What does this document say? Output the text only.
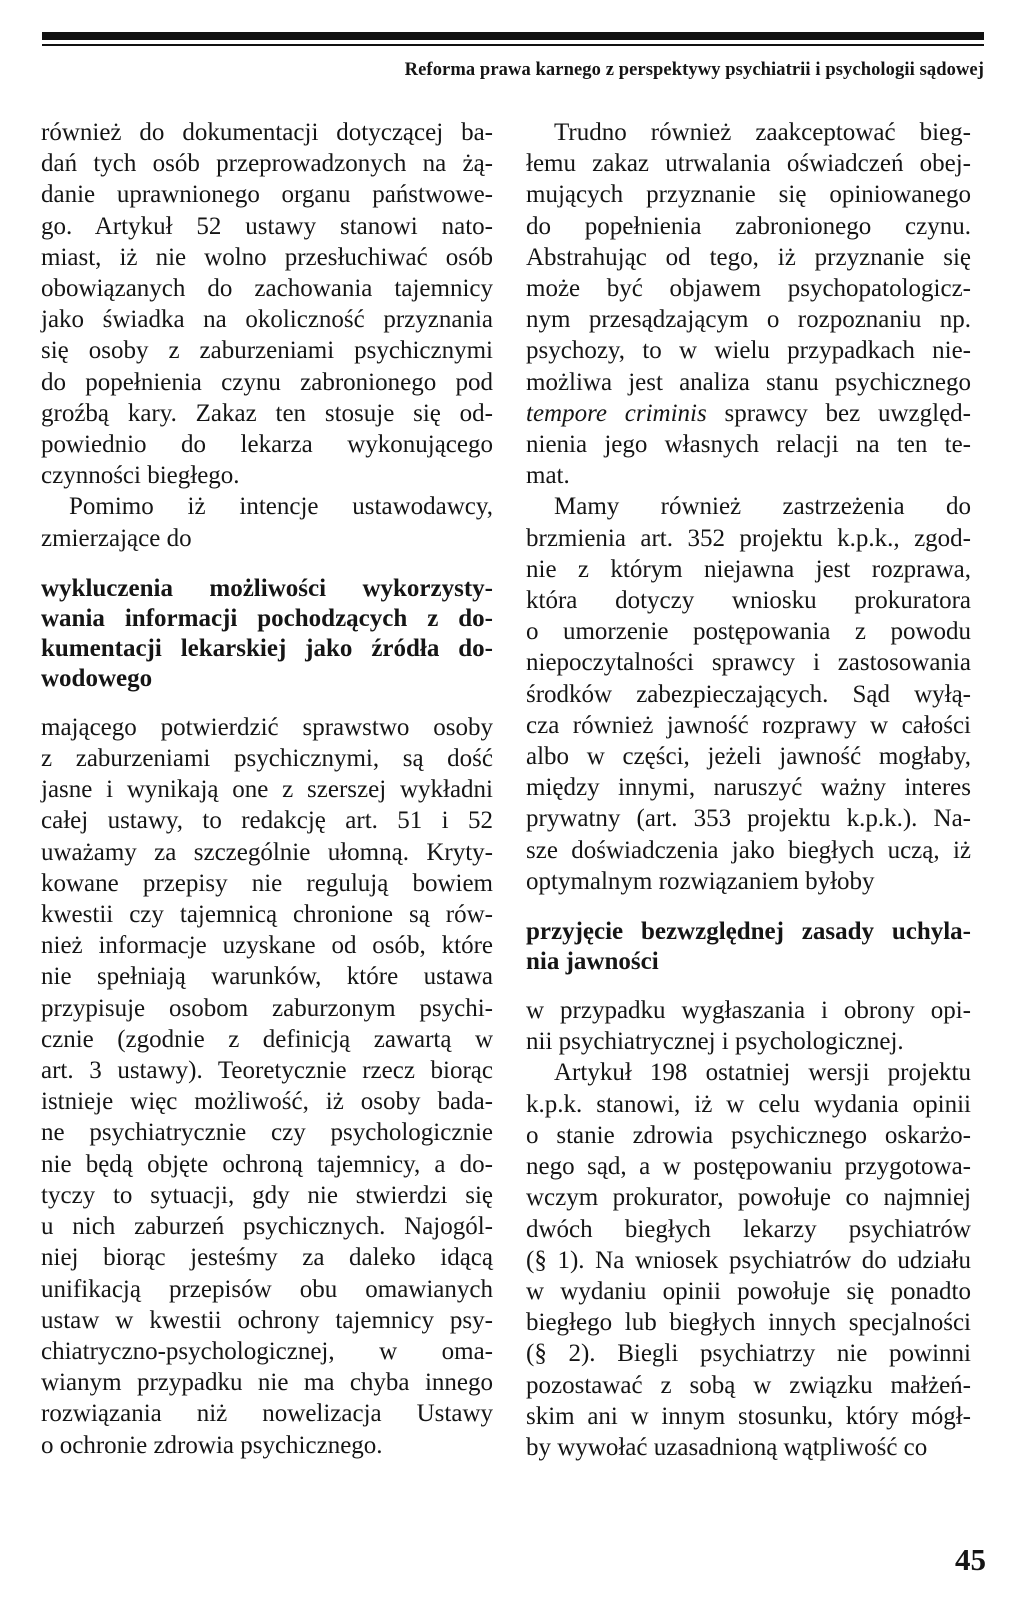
Reforma prawa karnego z perspektywy psychiatrii i psychologii sądowej
również do dokumentacji dotyczącej ba-
dań tych osób przeprowadzonych na żą-
danie uprawnionego organu państwowe-
go. Artykuł 52 ustawy stanowi nato-
miast, iż nie wolno przesłuchiwać osób
obowiązanych do zachowania tajemnicy
jako świadka na okoliczność przyznania
się osoby z zaburzeniami psychicznymi
do popełnienia czynu zabronionego pod
groźbą kary. Zakaz ten stosuje się od-
powiednio do lekarza wykonującego
czynności biegłego.
Pomimo iż intencje ustawodawcy,
zmierzające do
wykluczenia możliwości wykorzysty-
wania informacji pochodzących z do-
kumentacji lekarskiej jako źródła do-
wodowego
mającego potwierdzić sprawstwo osoby
z zaburzeniami psychicznymi, są dość
jasne i wynikają one z szerszej wykładni
całej ustawy, to redakcję art. 51 i 52
uważamy za szczególnie ułomną. Kryty-
kowane przepisy nie regulują bowiem
kwestii czy tajemnicą chronione są rów-
nież informacje uzyskane od osób, które
nie spełniają warunków, które ustawa
przypisuje osobom zaburzonym psychi-
cznie (zgodnie z definicją zawartą w
art. 3 ustawy). Teoretycznie rzecz biorąc
istnieje więc możliwość, iż osoby bada-
ne psychiatrycznie czy psychologicznie
nie będą objęte ochroną tajemnicy, a do-
tyczy to sytuacji, gdy nie stwierdzi się
u nich zaburzeń psychicznych. Najogól-
niej biorąc jesteśmy za daleko idącą
unifikacją przepisów obu omawianych
ustaw w kwestii ochrony tajemnicy psy-
chiatryczno-psychologicznej, w oma-
wianym przypadku nie ma chyba innego
rozwiązania niż nowelizacja Ustawy
o ochronie zdrowia psychicznego.
Trudno również zaakceptować bieg-
łemu zakaz utrwalania oświadczeń obej-
mujących przyznanie się opiniowanego
do popełnienia zabronionego czynu.
Abstrahując od tego, iż przyznanie się
może być objawem psychopatologicz-
nym przesądzającym o rozpoznaniu np.
psychozy, to w wielu przypadkach nie-
możliwa jest analiza stanu psychicznego
tempore criminis sprawcy bez uwzględ-
nienia jego własnych relacji na ten te-
mat.
Mamy również zastrzeżenia do
brzmienia art. 352 projektu k.p.k., zgod-
nie z którym niejawna jest rozprawa,
która dotyczy wniosku prokuratora
o umorzenie postępowania z powodu
niepoczytalności sprawcy i zastosowania
środków zabezpieczających. Sąd wyłą-
cza również jawność rozprawy w całości
albo w części, jeżeli jawność mogłaby,
między innymi, naruszyć ważny interes
prywatny (art. 353 projektu k.p.k.). Na-
sze doświadczenia jako biegłych uczą, iż
optymalnym rozwiązaniem byłoby
przyjęcie bezwzględnej zasady uchyla-
nia jawności
w przypadku wygłaszania i obrony opi-
nii psychiatrycznej i psychologicznej.
Artykuł 198 ostatniej wersji projektu
k.p.k. stanowi, iż w celu wydania opinii
o stanie zdrowia psychicznego oskarżo-
nego sąd, a w postępowaniu przygotowa-
wczym prokurator, powołuje co najmniej
dwóch biegłych lekarzy psychiatrów
(§ 1). Na wniosek psychiatrów do udziału
w wydaniu opinii powołuje się ponadto
biegłego lub biegłych innych specjalności
(§ 2). Biegli psychiatrzy nie powinni
pozostawać z sobą w związku małżeń-
skim ani w innym stosunku, który mógł-
by wywołać uzasadnioną wątpliwość co
45
